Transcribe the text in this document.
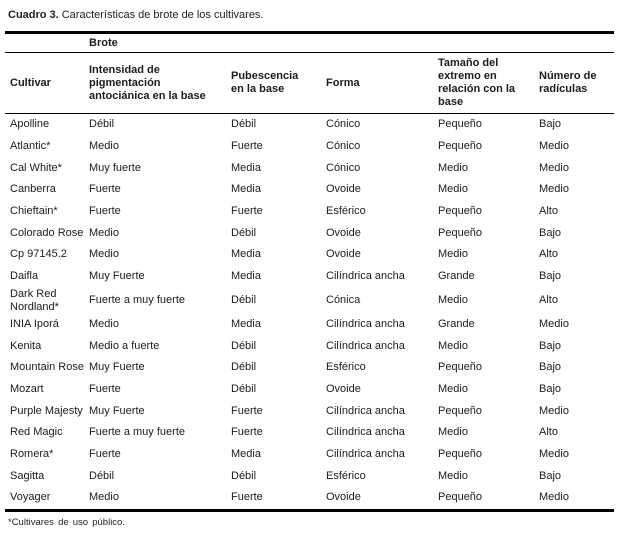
Cuadro 3. Características de brote de los cultivares.

	Brote				
Cultivar	Intensidad de pigmentación antociánica en la base	Pubescencia en la base	Forma	Tamaño del extremo en relación con la base	Número de radículas
Apolline	Débil	Débil	Cónico	Pequeño	Bajo
Atlantic*	Medio	Fuerte	Cónico	Pequeño	Medio
Cal White*	Muy fuerte	Media	Cónico	Medio	Medio
Canberra	Fuerte	Media	Ovoide	Medio	Medio
Chieftain*	Fuerte	Fuerte	Esférico	Pequeño	Alto
Colorado Rose	Medio	Débil	Ovoide	Pequeño	Bajo
Cp 97145.2	Medio	Media	Ovoide	Medio	Alto
Daifla	Muy Fuerte	Media	Cilíndrica ancha	Grande	Bajo
Dark Red Nordland*	Fuerte a muy fuerte	Débil	Cónica	Medio	Alto
INIA Iporá	Medio	Media	Cilíndrica ancha	Grande	Medio
Kenita	Medio a fuerte	Débil	Cilíndrica ancha	Medio	Bajo
Mountain Rose	Muy Fuerte	Débil	Esférico	Pequeño	Bajo
Mozart	Fuerte	Débil	Ovoide	Medio	Bajo
Purple Majesty	Muy Fuerte	Fuerte	Cilíndrica ancha	Pequeño	Medio
Red Magic	Fuerte a muy fuerte	Fuerte	Cilíndrica ancha	Medio	Alto
Romera*	Fuerte	Media	Cilíndrica ancha	Pequeño	Medio
Sagitta	Débil	Débil	Esférico	Medio	Bajo
Voyager	Medio	Fuerte	Ovoide	Pequeño	Medio

*Cultivares de uso público.
